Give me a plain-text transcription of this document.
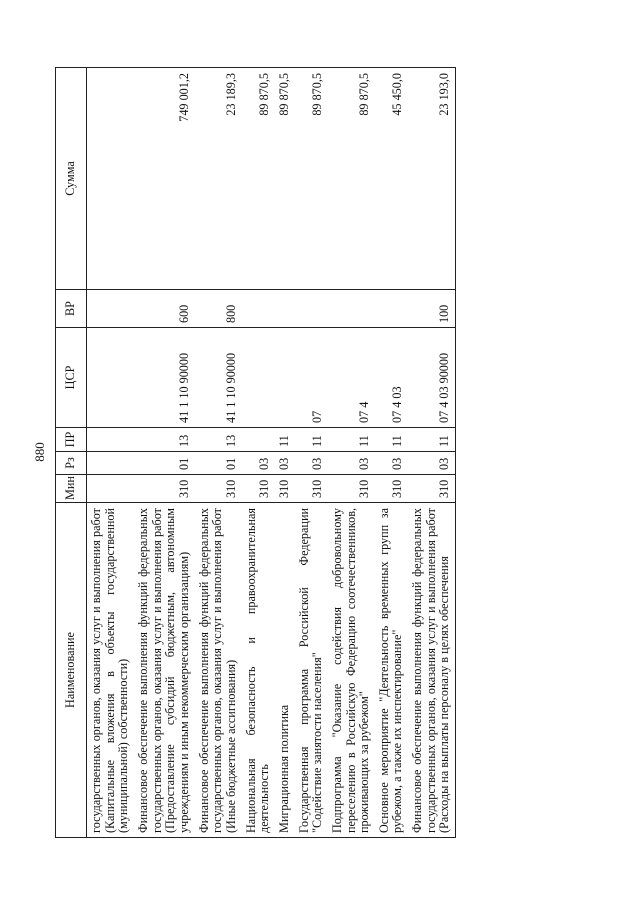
880
Наименование	Мин	Рз	ПР	ЦСР	ВР	Сумма
государственных органов, оказания услуг и выполнения работ (Капитальные вложения в объекты государственной (муниципальной) собственности)						
Финансовое обеспечение выполнения функций федеральных государственных органов, оказания услуг и выполнения работ (Предоставление субсидий бюджетным, автономным учреждениям и иным некоммерческим организациям)	310	01	13	41 1 10 90000	600	749 001,2
Финансовое обеспечение выполнения функций федеральных государственных органов, оказания услуг и выполнения работ (Иные бюджетные ассигнования)	310	01	13	41 1 10 90000	800	23 189,3
Национальная безопасность и правоохранительная деятельность	310	03				89 870,5
Миграционная политика	310	03	11			89 870,5
Государственная программа Российской Федерации "Содействие занятости населения"	310	03	11	07		89 870,5
Подпрограмма "Оказание содействия добровольному переселению в Российскую Федерацию соотечественников, проживающих за рубежом"	310	03	11	07 4		89 870,5
Основное мероприятие "Деятельность временных групп за рубежом, а также их инспектирование"	310	03	11	07 4 03		45 450,0
Финансовое обеспечение выполнения функций федеральных государственных органов, оказания услуг и выполнения работ (Расходы на выплаты персоналу в целях обеспечения	310	03	11	07 4 03 90000	100	23 193,0
